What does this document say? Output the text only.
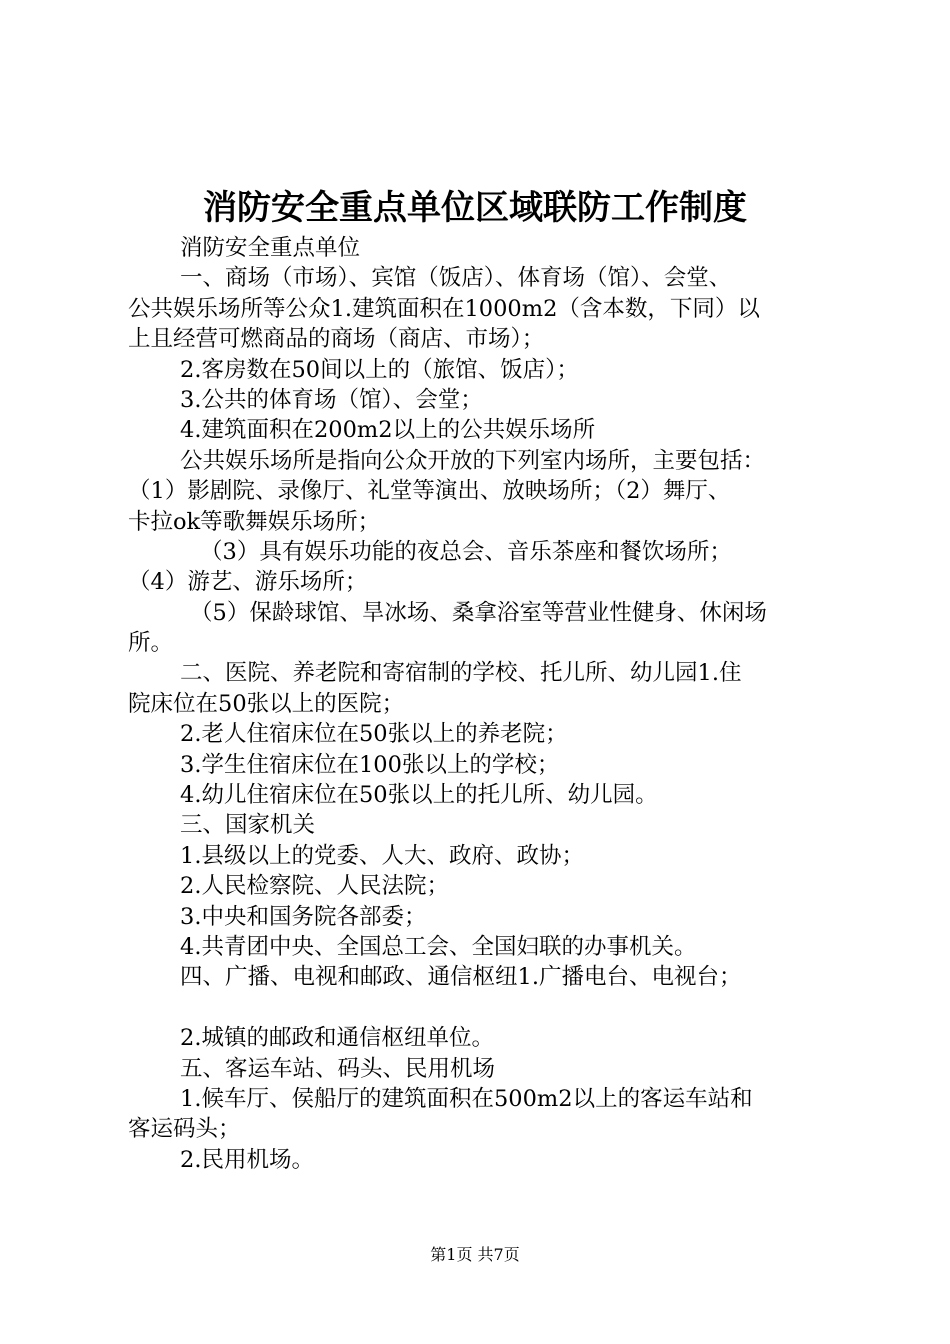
消防安全重点单位区域联防工作制度
消防安全重点单位
一、商场（市场）、宾馆（饭店）、体育场（馆）、会堂、
公共娱乐场所等公众1.建筑面积在1000m2（含本数，下同）以
上且经营可燃商品的商场（商店、市场）；
2.客房数在50间以上的（旅馆、饭店）；
3.公共的体育场（馆）、会堂；
4.建筑面积在200m2以上的公共娱乐场所
公共娱乐场所是指向公众开放的下列室内场所，主要包括：
（1）影剧院、录像厅、礼堂等演出、放映场所；（2）舞厅、
卡拉ok等歌舞娱乐场所；
（3）具有娱乐功能的夜总会、音乐茶座和餐饮场所；
（4）游艺、游乐场所；
（5）保龄球馆、旱冰场、桑拿浴室等营业性健身、休闲场
所。
二、医院、养老院和寄宿制的学校、托儿所、幼儿园1.住
院床位在50张以上的医院；
2.老人住宿床位在50张以上的养老院；
3.学生住宿床位在100张以上的学校；
4.幼儿住宿床位在50张以上的托儿所、幼儿园。
三、国家机关
1.县级以上的党委、人大、政府、政协；
2.人民检察院、人民法院；
3.中央和国务院各部委；
4.共青团中央、全国总工会、全国妇联的办事机关。
四、广播、电视和邮政、通信枢纽1.广播电台、电视台；
2.城镇的邮政和通信枢纽单位。
五、客运车站、码头、民用机场
1.候车厅、侯船厅的建筑面积在500m2以上的客运车站和
客运码头；
2.民用机场。
第1页 共7页
